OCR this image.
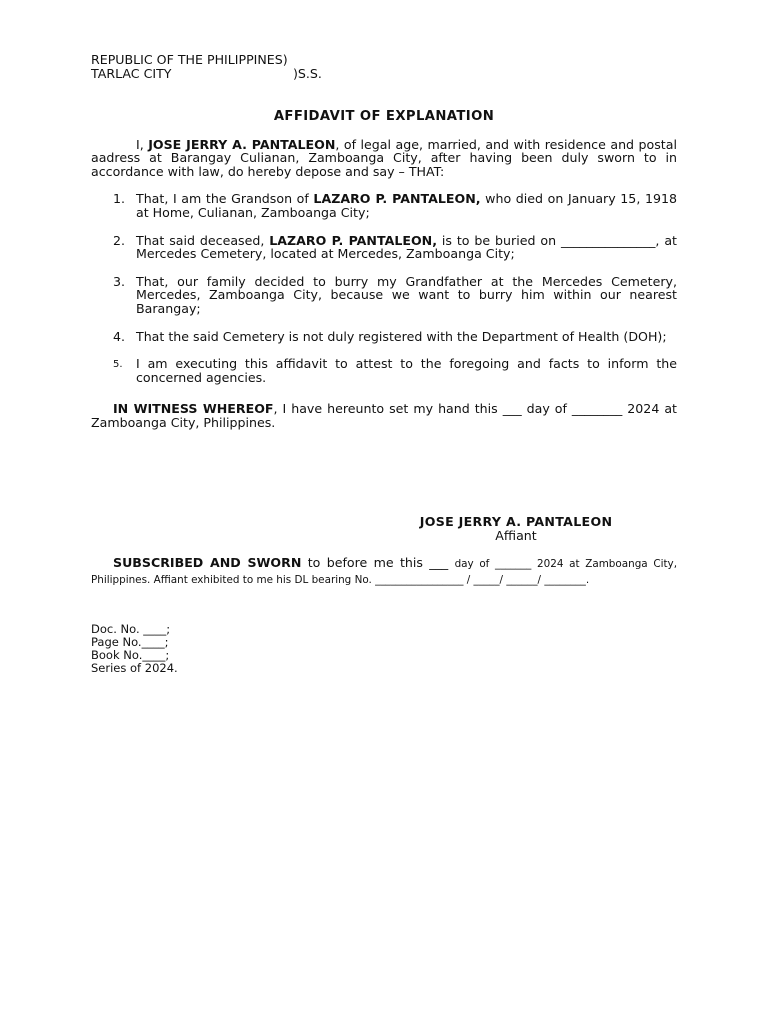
REPUBLIC OF THE PHILIPPINES)
TARLAC CITY	)S.S.
AFFIDAVIT OF EXPLANATION

I, JOSE JERRY A. PANTALEON, of legal age, married, and with residence and postal aadress at Barangay Culianan, Zamboanga City, after having been duly sworn to in accordance with law, do hereby depose and say – THAT:

1. That, I am the Grandson of LAZARO P. PANTALEON, who died on January 15, 1918 at Home, Culianan, Zamboanga City;
2. That said deceased, LAZARO P. PANTALEON, is to be buried on _______________, at Mercedes Cemetery, located at Mercedes, Zamboanga City;
3. That, our family decided to burry my Grandfather at the Mercedes Cemetery, Mercedes, Zamboanga City, because we want to burry him within our nearest Barangay;
4. That the said Cemetery is not duly registered with the Department of Health (DOH);
5. I am executing this affidavit to attest to the foregoing and facts to inform the concerned agencies.

IN WITNESS WHEREOF, I have hereunto set my hand this ___ day of ________ 2024 at Zamboanga City, Philippines.

JOSE JERRY A. PANTALEON
Affiant
SUBSCRIBED AND SWORN to before me this ___ day of _______ 2024 at Zamboanga City, Philippines. Affiant exhibited to me his DL bearing No. _________________ / _____/ ______/ ________.
Doc. No. ____;
Page No.____;
Book No.____;
Series of 2024.
